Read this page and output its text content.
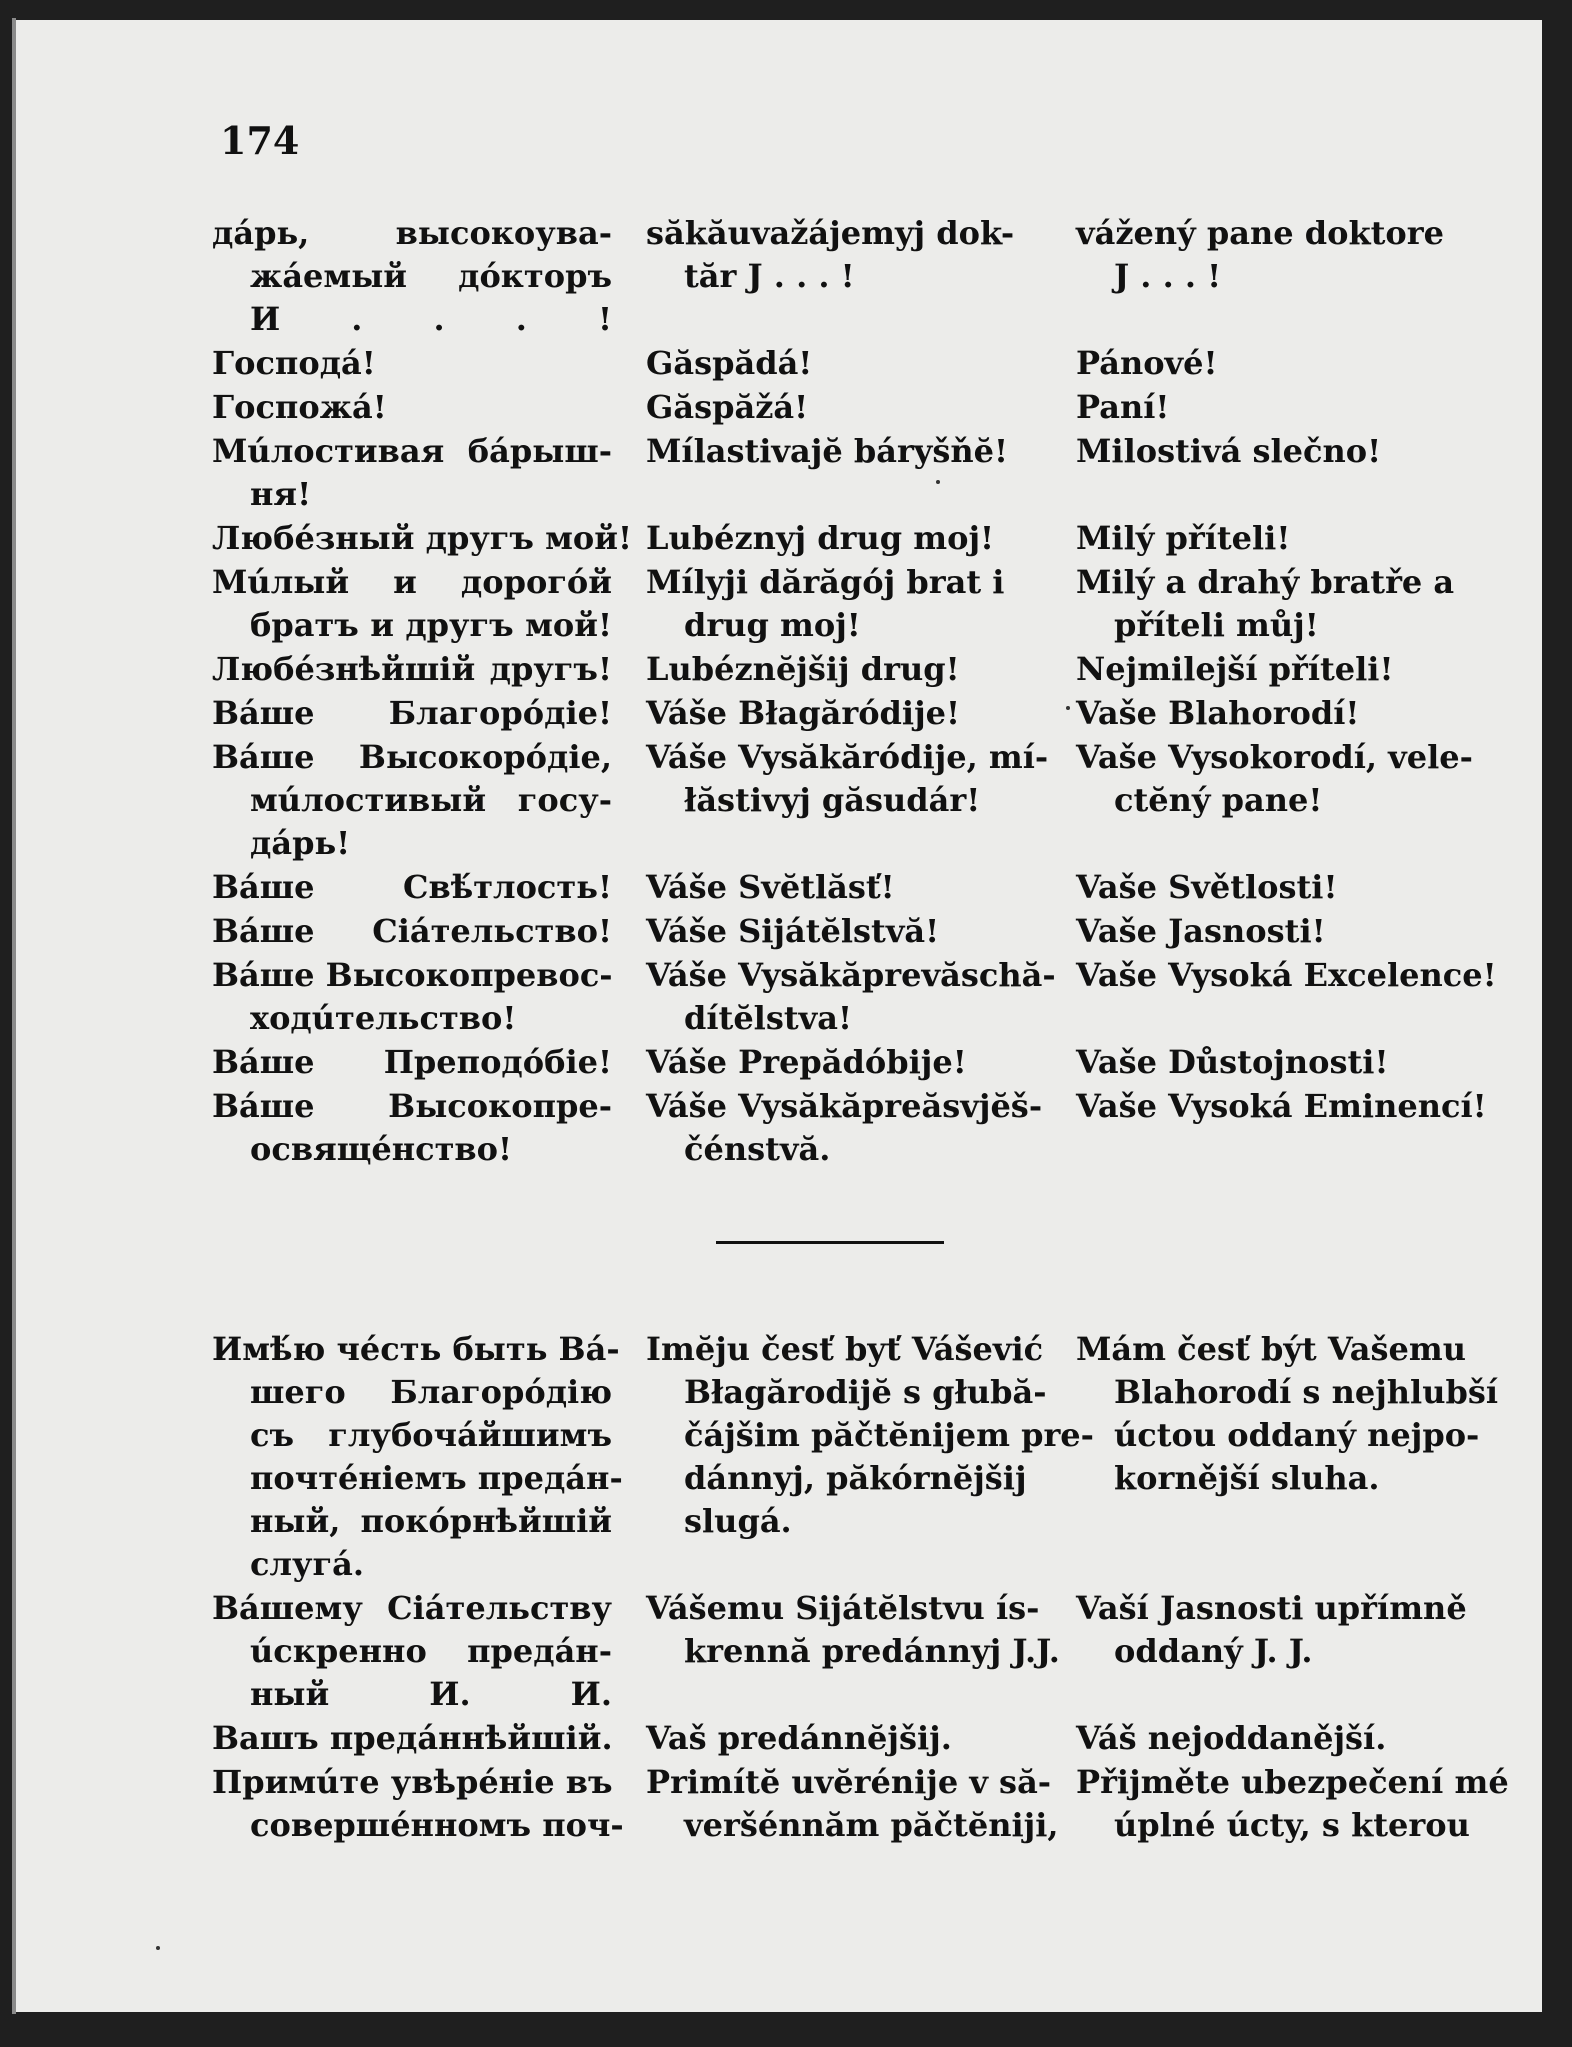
174
дáрь, высокоува-
жáемый дóкторъ
И . . . !
Господá!
Госпожá!
Мúлостивая бáрыш-
ня!
Любéзный другъ мой!
Мúлый и дорогóй
братъ и другъ мой!
Любéзнѣйшій другъ!
Вáше Благорóдіе!
Вáше Высокорóдіе,
мúлостивый госу-
дáрь!
Вáше Свѣ́тлость!
Вáше Сіáтельство!
Вáше Высокопревос-
ходúтельство!
Вáше Преподóбіе!
Вáше Высокопре-
освящéнство!
săkăuvažájemyj dok-
tăr J . . . !

Găspădá!
Găspăžá!
Mílastivajĕ báryšňĕ!

Lubéznyj drug moj!
Mílyji dărăgój brat i
drug moj!
Lubéznĕjšij drug!
Váše Błagăródije!
Váše Vysăkăródije, mí-
łăstivyj găsudár!

Váše Svĕtlăsť!
Váše Sijátĕlstvă!
Váše Vysăkăprevăschă-
dítĕlstva!
Váše Prepădóbije!
Váše Vysăkăpreăsvjĕš-
čénstvă.
vážený pane doktore
J . . . !

Pánové!
Paní!
Milostivá slečno!

Milý příteli!
Milý a drahý bratře a
příteli můj!
Nejmilejší příteli!
Vaše Blahorodí!
Vaše Vysokorodí, vele-
ctĕný pane!

Vaše Světlosti!
Vaše Jasnosti!
Vaše Vysoká Excelence!

Vaše Důstojnosti!
Vaše Vysoká Eminencí!

Имѣ́ю чéсть быть Вá-
шего Благорóдію
съ глубочáйшимъ
почтéніемъ предáн-
ный, покóрнѣйшій
слугá.
Вáшему Сіáтельству
úскренно предáн-
ный И. И.
Вашъ предáннѣйшій.
Примúте увѣрéніе въ
совершéнномъ поч-
Imĕju česť byť Vášević
Błagărodijĕ s głubă-
čájšim păčtĕnijem pre-
dánnyj, păkórnĕjšij
slugá.

Vášemu Sijátĕlstvu ís-
krennă predánnyj J.J.

Vaš predánnĕjšij.
Primítĕ uvĕrénije v să-
veršénnăm păčtĕniji,
Mám česť být Vašemu
Blahorodí s nejhlubší
úctou oddaný nejpo-
kornější sluha.

Vaší Jasnosti upřímně
oddaný J. J.

Váš nejoddanější.
Přijměte ubezpečení mé
úplné úcty, s kterou
